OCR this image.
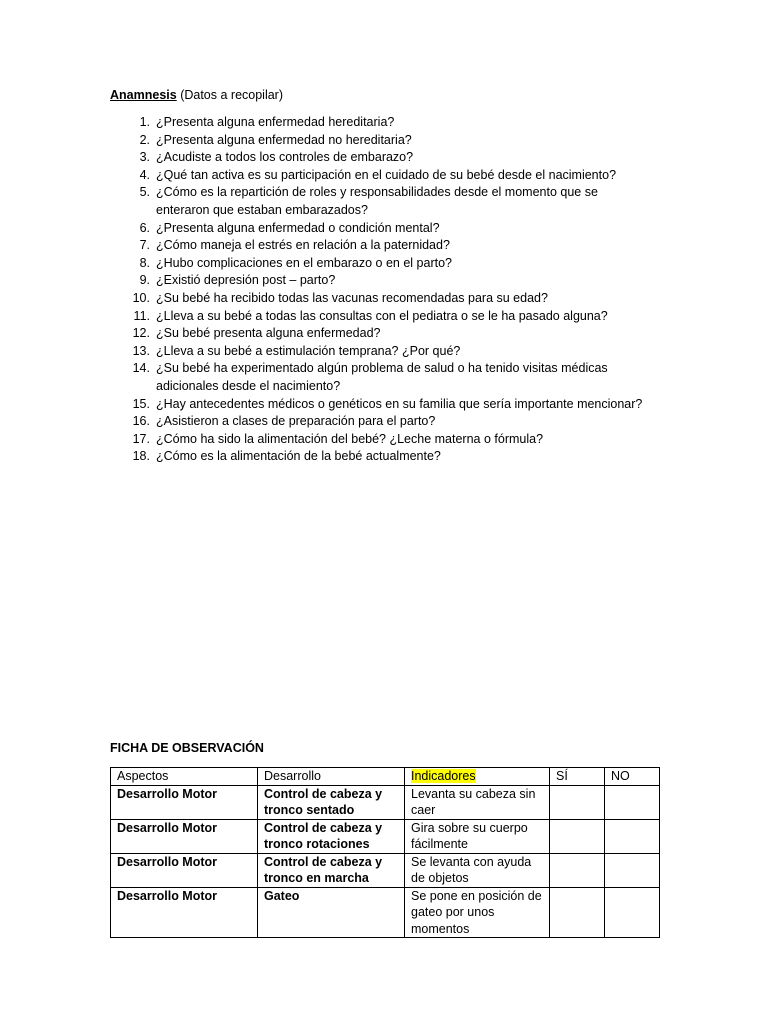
Anamnesis (Datos a recopilar)

1. ¿Presenta alguna enfermedad hereditaria?
2. ¿Presenta alguna enfermedad no hereditaria?
3. ¿Acudiste a todos los controles de embarazo?
4. ¿Qué tan activa es su participación en el cuidado de su bebé desde el nacimiento?
5. ¿Cómo es la repartición de roles y responsabilidades desde el momento que se enteraron que estaban embarazados?
6. ¿Presenta alguna enfermedad o condición mental?
7. ¿Cómo maneja el estrés en relación a la paternidad?
8. ¿Hubo complicaciones en el embarazo o en el parto?
9. ¿Existió depresión post – parto?
10. ¿Su bebé ha recibido todas las vacunas recomendadas para su edad?
11. ¿Lleva a su bebé a todas las consultas con el pediatra o se le ha pasado alguna?
12. ¿Su bebé presenta alguna enfermedad?
13. ¿Lleva a su bebé a estimulación temprana? ¿Por qué?
14. ¿Su bebé ha experimentado algún problema de salud o ha tenido visitas médicas adicionales desde el nacimiento?
15. ¿Hay antecedentes médicos o genéticos en su familia que sería importante mencionar?
16. ¿Asistieron a clases de preparación para el parto?
17. ¿Cómo ha sido la alimentación del bebé? ¿Leche materna o fórmula?
18. ¿Cómo es la alimentación de la bebé actualmente?

FICHA DE OBSERVACIÓN

Aspectos	Desarrollo	Indicadores	SÍ	NO
Desarrollo Motor	Control de cabeza y tronco sentado	Levanta su cabeza sin caer		
Desarrollo Motor	Control de cabeza y tronco rotaciones	Gira sobre su cuerpo fácilmente		
Desarrollo Motor	Control de cabeza y tronco en marcha	Se levanta con ayuda de objetos		
Desarrollo Motor	Gateo	Se pone en posición de gateo por unos momentos		
